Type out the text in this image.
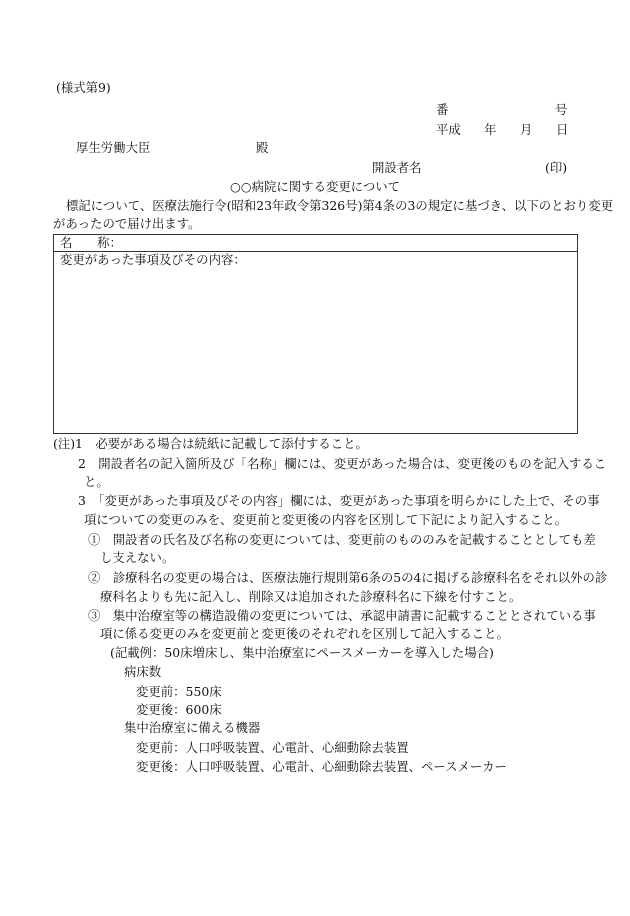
(様式第9)
番	号
平成 年 月 日
厚生労働大臣	殿
開設者名	(印)
○○病院に関する変更について
標記について、医療法施行令(昭和23年政令第326号)第4条の3の規定に基づき、以下のとおり変更
があったので届け出ます。
名　　称：
変更があった事項及びその内容：
(注)1　必要がある場合は続紙に記載して添付すること。
2　開設者名の記入箇所及び「名称」欄には、変更があった場合は、変更後のものを記入するこ
と。
3　「変更があった事項及びその内容」欄には、変更があった事項を明らかにした上で、その事
項についての変更のみを、変更前と変更後の内容を区別して下記により記入すること。
①　開設者の氏名及び名称の変更については、変更前のもののみを記載することとしても差
し支えない。
②　診療科名の変更の場合は、医療法施行規則第6条の5の4に掲げる診療科名をそれ以外の診
療科名よりも先に記入し、削除又は追加された診療科名に下線を付すこと。
③　集中治療室等の構造設備の変更については、承認申請書に記載することとされている事
項に係る変更のみを変更前と変更後のそれぞれを区別して記入すること。
(記載例：50床増床し、集中治療室にペースメーカーを導入した場合)
病床数
変更前：550床
変更後：600床
集中治療室に備える機器
変更前：人口呼吸装置、心電計、心細動除去装置
変更後：人口呼吸装置、心電計、心細動除去装置、ペースメーカー
